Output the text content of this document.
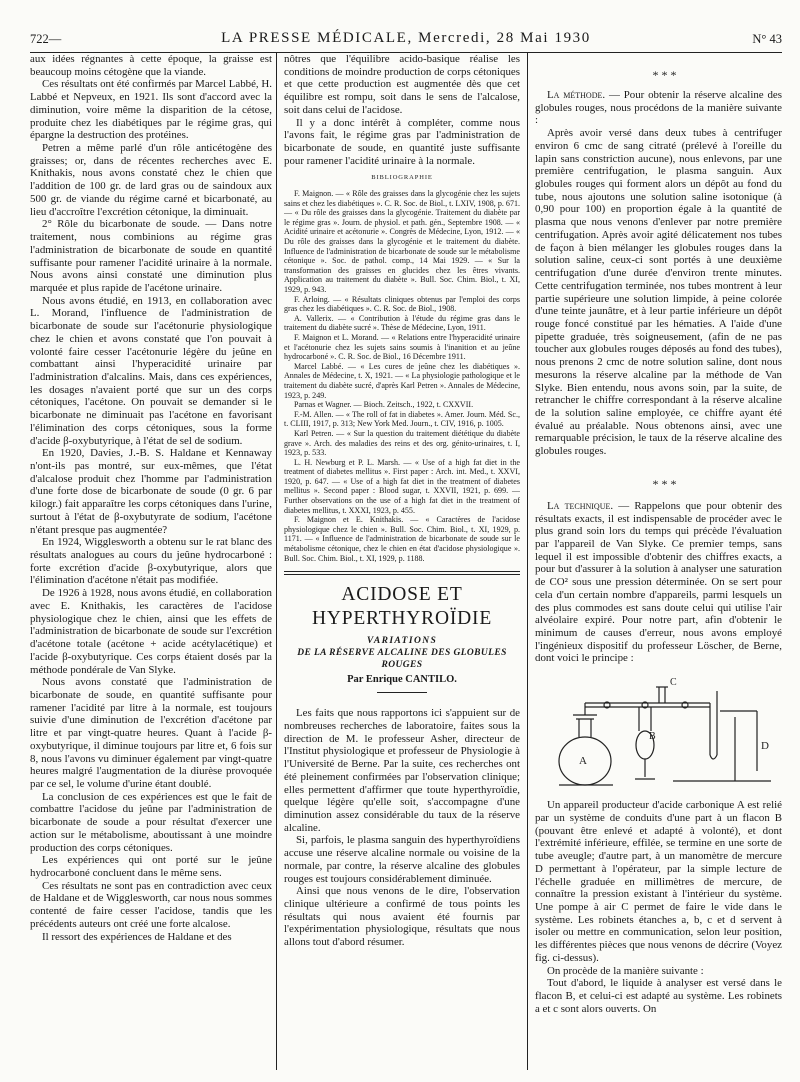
722—	LA PRESSE MÉDICALE, Mercredi, 28 Mai 1930	N° 43

aux idées régnantes à cette époque, la graisse est beaucoup moins cétogène que la viande.

Ces résultats ont été confirmés par Marcel Labbé, H. Labbé et Nepveux, en 1921. Ils sont d'accord avec la diminution, voire même la disparition de la cétose, produite chez les diabétiques par le régime gras, qui épargne la destruction des protéines.

Petren a même parlé d'un rôle anticétogène des graisses; or, dans de récentes recherches avec E. Knithakis, nous avons constaté chez le chien que l'addition de 100 gr. de lard gras ou de saindoux aux 500 gr. de viande du régime carné et bicarbonaté, au lieu d'accroître l'excrétion cétonique, la diminuait.

2° Rôle du bicarbonate de soude. — Dans notre traitement, nous combinions au régime gras l'administration de bicarbonate de soude en quantité suffisante pour ramener l'acidité urinaire à la normale. Nous avons ainsi constaté une diminution plus marquée et plus rapide de l'acétone urinaire.

Nous avons étudié, en 1913, en collaboration avec L. Morand, l'influence de l'administration de bicarbonate de soude sur l'acétonurie physiologique chez le chien et avons constaté que l'on pouvait à volonté faire cesser l'acétonurie légère du jeûne en combattant ainsi l'hyperacidité urinaire par l'administration d'alcalins. Mais, dans ces expériences, les dosages n'avaient porté que sur un des corps cétoniques, l'acétone. On pouvait se demander si le bicarbonate ne diminuait pas l'acétone en favorisant l'élimination des corps cétoniques, sous la forme d'acide β-oxybutyrique, à l'état de sel de sodium.

En 1920, Davies, J.-B. S. Haldane et Kennaway n'ont-ils pas montré, sur eux-mêmes, que l'état d'alcalose produit chez l'homme par l'administration d'une forte dose de bicarbonate de soude (0 gr. 6 par kilogr.) fait apparaître les corps cétoniques dans l'urine, surtout à l'état de β-oxybutyrate de sodium, l'acétone n'étant presque pas augmentée?

En 1924, Wigglesworth a obtenu sur le rat blanc des résultats analogues au cours du jeûne hydrocarboné : forte excrétion d'acide β-oxybutyrique, alors que l'élimination d'acétone n'était pas modifiée.

De 1926 à 1928, nous avons étudié, en collaboration avec E. Knithakis, les caractères de l'acidose physiologique chez le chien, ainsi que les effets de l'administration de bicarbonate de soude sur l'excrétion d'acétone totale (acétone + acide acétylacétique) et l'acide β-oxybutyrique. Ces corps étaient dosés par la méthode pondérale de Van Slyke.

Nous avons constaté que l'administration de bicarbonate de soude, en quantité suffisante pour ramener l'acidité par litre à la normale, est toujours suivie d'une diminution de l'excrétion d'acétone par litre et par vingt-quatre heures. Quant à l'acide β-oxybutyrique, il diminue toujours par litre et, 6 fois sur 8, nous l'avons vu diminuer également par vingt-quatre heures malgré l'augmentation de la diurèse provoquée par ce sel, le volume d'urine étant doublé.

La conclusion de ces expériences est que le fait de combattre l'acidose du jeûne par l'administration de bicarbonate de soude a pour résultat d'exercer une action sur le métabolisme, aboutissant à une moindre production des corps cétoniques.

Les expériences qui ont porté sur le jeûne hydrocarboné concluent dans le même sens.

Ces résultats ne sont pas en contradiction avec ceux de Haldane et de Wigglesworth, car nous nous sommes contenté de faire cesser l'acidose, tandis que les précédents auteurs ont créé une forte alcalose.

Il ressort des expériences de Haldane et des

nôtres que l'équilibre acido-basique réalise les conditions de moindre production de corps cétoniques et que cette production est augmentée dès que cet équilibre est rompu, soit dans le sens de l'alcalose, soit dans celui de l'acidose.

Il y a donc intérêt à compléter, comme nous l'avons fait, le régime gras par l'administration de bicarbonate de soude, en quantité juste suffisante pour ramener l'acidité urinaire à la normale.

BIBLIOGRAPHIE

F. Maignon. — « Rôle des graisses dans la glycogénie chez les sujets sains et chez les diabétiques ». C. R. Soc. de Biol., t. LXIV, 1908, p. 671. — « Du rôle des graisses dans la glycogénie. Traitement du diabète par le régime gras ». Journ. de physiol. et path. gén., Septembre 1908. — « Acidité urinaire et acétonurie ». Congrès de Médecine, Lyon, 1912. — « Du rôle des graisses dans la glycogénie et le traitement du diabète. Influence de l'administration de bicarbonate de soude sur le métabolisme cétonique ». Soc. de pathol. comp., 14 Mai 1929. — « Sur la transformation des graisses en glucides chez les êtres vivants. Application au traitement du diabète ». Bull. Soc. Chim. Biol., t. XI, 1929, p. 943.

F. Arloing. — « Résultats cliniques obtenus par l'emploi des corps gras chez les diabétiques ». C. R. Soc. de Biol., 1908.

A. Vallerix. — « Contribution à l'étude du régime gras dans le traitement du diabète sucré ». Thèse de Médecine, Lyon, 1911.

F. Maignon et L. Morand. — « Relations entre l'hyperacidité urinaire et l'acétonurie chez les sujets sains soumis à l'inanition et au jeûne hydrocarboné ». C. R. Soc. de Biol., 16 Décembre 1911.

Marcel Labbé. — « Les cures de jeûne chez les diabétiques ». Annales de Médecine, t. X, 1921. — « La physiologie pathologique et le traitement du diabète sucré, d'après Karl Petren ». Annales de Médecine, 1923, p. 249.

Parnas et Wagner. — Bioch. Zeitsch., 1922, t. CXXVII.

F.-M. Allen. — « The roll of fat in diabetes ». Amer. Journ. Méd. Sc., t. CLIII, 1917, p. 313; New York Med. Journ., t. CIV, 1916, p. 1005.

Karl Petren. — « Sur la question du traitement diététique du diabète grave ». Arch. des maladies des reins et des org. génito-urinaires, t. I, 1923, p. 533.

L. H. Newburg et P. L. Marsh. — « Use of a high fat diet in the treatment of diabetes mellitus ». First paper : Arch. int. Med., t. XXVI, 1920, p. 647. — « Use of a high fat diet in the treatment of diabetes mellitus ». Second paper : Blood sugar, t. XXVII, 1921, p. 699. — Further observations on the use of a high fat diet in the treatment of diabetes mellitus, t. XXXI, 1923, p. 455.

F. Maignon et E. Knithakis. — « Caractères de l'acidose physiologique chez le chien ». Bull. Soc. Chim. Biol., t. XI, 1929, p. 1171. — « Influence de l'administration de bicarbonate de soude sur le métabolisme cétonique, chez le chien en état d'acidose physiologique ». Bull. Soc. Chim. Biol., t. XI, 1929, p. 1188.

ACIDOSE ET HYPERTHYROÏDIE

VARIATIONS

DE LA RÉSERVE ALCALINE DES GLOBULES ROUGES

Par Enrique CANTILO.

Les faits que nous rapportons ici s'appuient sur de nombreuses recherches de laboratoire, faites sous la direction de M. le professeur Asher, directeur de l'Institut physiologique et professeur de Physiologie à l'Université de Berne. Par la suite, ces recherches ont été pleinement confirmées par l'observation clinique; elles permettent d'affirmer que toute hyperthyroïdie, quelque légère qu'elle soit, s'accompagne d'une diminution assez considérable du taux de la réserve alcaline.

Si, parfois, le plasma sanguin des hyperthyroïdiens accuse une réserve alcaline normale ou voisine de la normale, par contre, la réserve alcaline des globules rouges est toujours considérablement diminuée.

Ainsi que nous venons de le dire, l'observation clinique ultérieure a confirmé de tous points les résultats qui nous avaient été fournis par l'expérimentation physiologique, résultats que nous allons tout d'abord résumer.

* * *

La méthode. — Pour obtenir la réserve alcaline des globules rouges, nous procédons de la manière suivante :

Après avoir versé dans deux tubes à centrifuger environ 6 cmc de sang citraté (prélevé à l'oreille du lapin sans constriction aucune), nous enlevons, par une première centrifugation, le plasma sanguin. Aux globules rouges qui forment alors un dépôt au fond du tube, nous ajoutons une solution saline isotonique (à 0,90 pour 100) en proportion égale à la quantité de plasma que nous venons d'enlever par notre première centrifugation. Après avoir agité délicatement nos tubes de façon à bien mélanger les globules rouges dans la solution saline, ceux-ci sont portés à une deuxième centrifugation d'une durée d'environ trente minutes. Cette centrifugation terminée, nos tubes montrent à leur partie supérieure une solution limpide, à peine colorée d'une teinte jaunâtre, et à leur partie inférieure un dépôt rouge foncé constitué par les hématies. A l'aide d'une pipette graduée, très soigneusement, (afin de ne pas toucher aux globules rouges déposés au fond des tubes), nous prenons 2 cmc de notre solution saline, dont nous mesurons la réserve alcaline par la méthode de Van Slyke. Bien entendu, nous avons soin, par la suite, de retrancher le chiffre correspondant à la réserve alcaline de la solution saline employée, ce chiffre ayant été évalué au préalable. Nous obtenons ainsi, avec une remarquable précision, le taux de la réserve alcaline des globules rouges.

* * *

La technique. — Rappelons que pour obtenir des résultats exacts, il est indispensable de procéder avec le plus grand soin lors du temps qui précède l'évaluation par l'appareil de Van Slyke. Ce premier temps, sans lequel il est impossible d'obtenir des chiffres exacts, a pour but d'assurer à la solution à analyser une saturation de CO² sous une pression déterminée. On se sert pour cela d'un certain nombre d'appareils, parmi lesquels un des plus commodes est sans doute celui qui utilise l'air alvéolaire expiré. Pour notre part, afin d'obtenir le minimum de causes d'erreur, nous avons employé l'ingénieux dispositif du professeur Löscher, de Berne, dont voici le principe :

A
B
C
D

Un appareil producteur d'acide carbonique A est relié par un système de conduits d'une part à un flacon B (pouvant être enlevé et adapté à volonté), et dont l'extrémité inférieure, effilée, se termine en une sorte de tube aveugle; d'autre part, à un manomètre de mercure D permettant à l'opérateur, par la simple lecture de l'échelle graduée en millimètres de mercure, de connaître la pression existant à l'intérieur du système. Une pompe à air C permet de faire le vide dans le système. Les robinets étanches a, b, c et d servent à isoler ou mettre en communication, selon leur position, les différentes pièces que nous venons de décrire (Voyez fig. ci-dessus).

On procède de la manière suivante :

Tout d'abord, le liquide à analyser est versé dans le flacon B, et celui-ci est adapté au système. Les robinets a et c sont alors ouverts. On
